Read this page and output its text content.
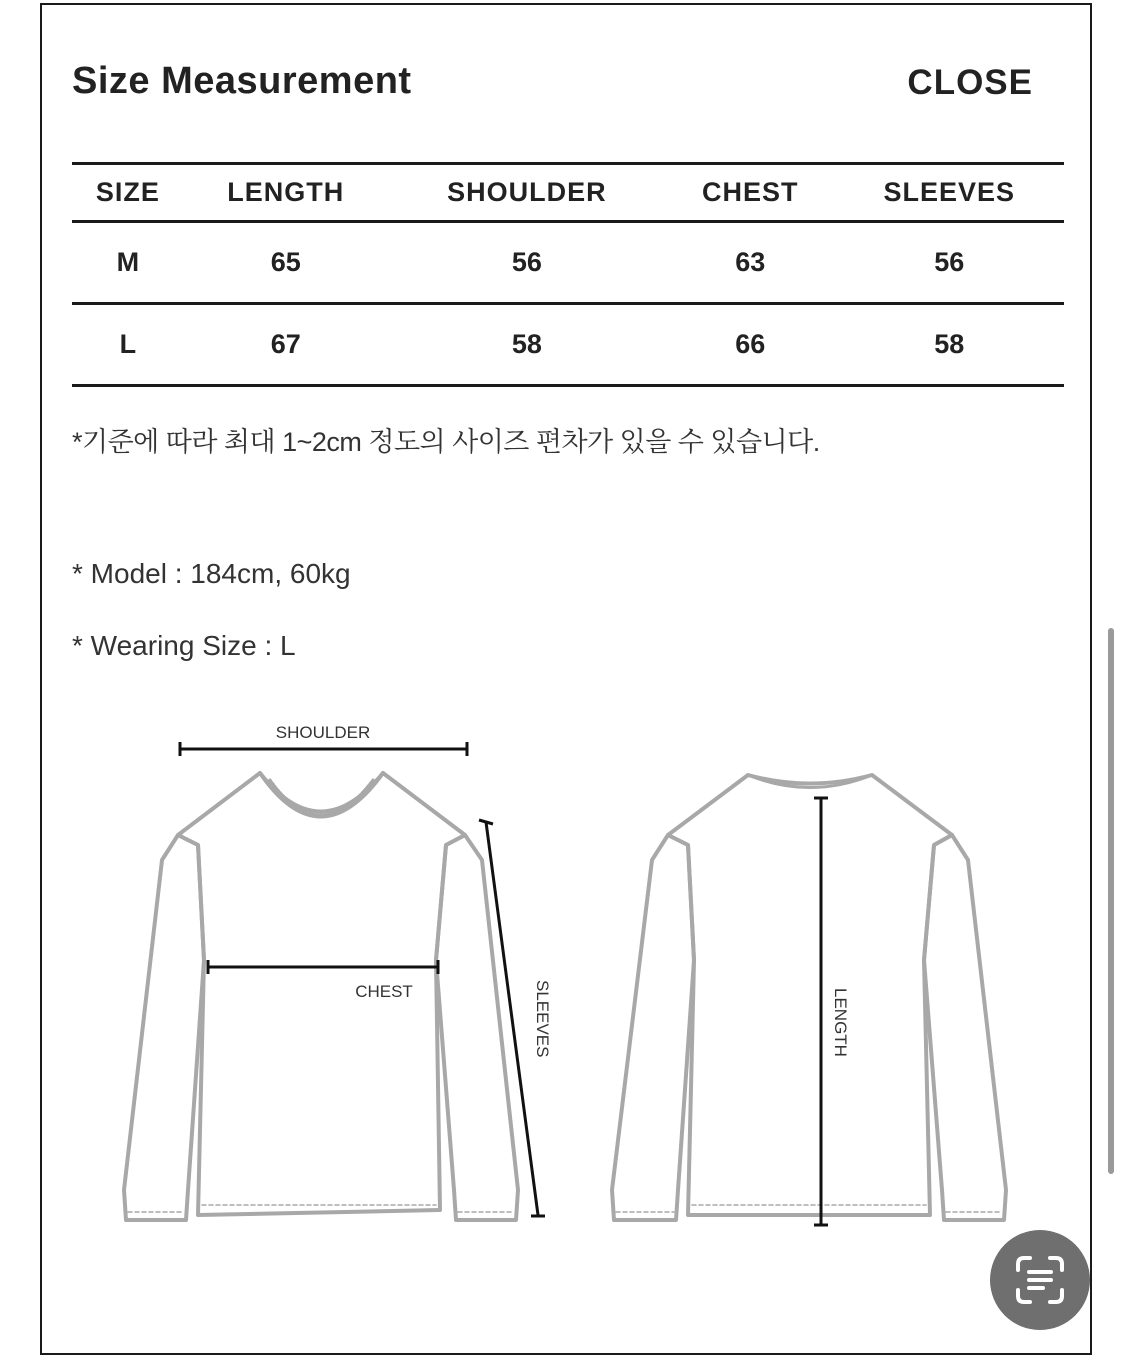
Size Measurement	CLOSE
SIZE	LENGTH	SHOULDER	CHEST	SLEEVES
M	65	56	63	56
L	67	58	66	58
*기준에 따라 최대 1~2cm 정도의 사이즈 편차가 있을 수 있습니다.
* Model : 184cm, 60kg
* Wearing Size : L
SHOULDER
CHEST	SLEEVES	LENGTH
